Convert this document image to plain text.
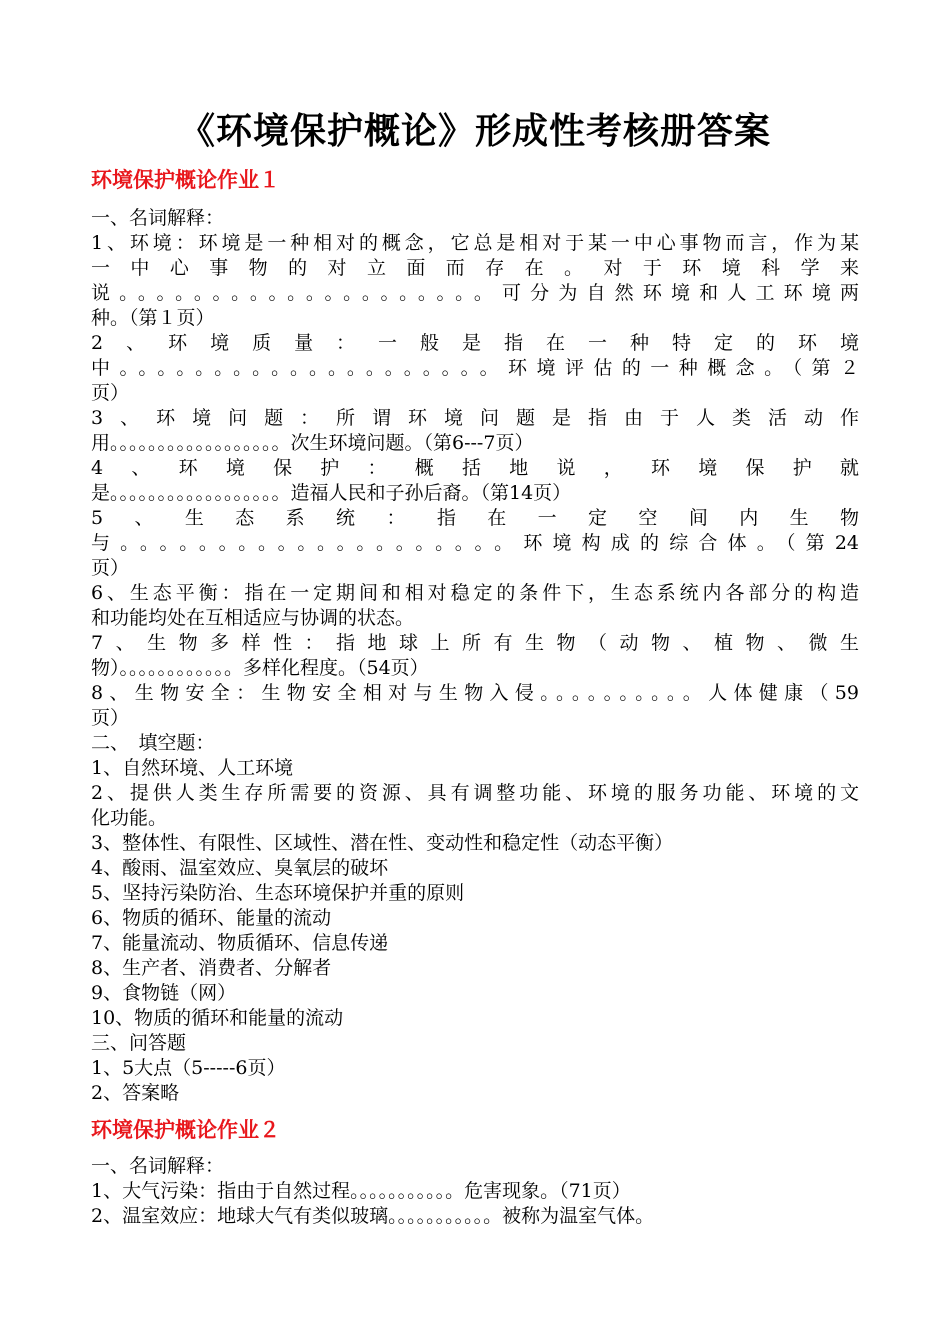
《环境保护概论》形成性考核册答案
环境保护概论作业１
一、名词解释：
1、环境：环境是一种相对的概念，它总是相对于某一中心事物而言，作为某
一中心事物的对立面而存在。对于环境科学来
说。。。。。。。。。。。。。。。。。。。。可分为自然环境和人工环境两
种。（第１页）
2、环境质量：一般是指在一种特定的环境
中。。。。。。。。。。。。。。。。。。。。环境评估的一种概念。（第２
页）
3、环境问题：所谓环境问题是指由于人类活动作
用。。。。。。。。。。。。。。。。。。次生环境问题。（第6---7页）
4、环境保护：概括地说，环境保护就
是。。。。。。。。。。。。。。。。。。造福人民和子孙后裔。（第14页）
5、生态系统：指在一定空间内生物
与。。。。。。。。。。。。。。。。。。。。环境构成的综合体。（第24
页）
6、生态平衡：指在一定期间和相对稳定的条件下，生态系统内各部分的构造
和功能均处在互相适应与协调的状态。
7、生物多样性：指地球上所有生物（动物、植物、微生
物）。。。。。。。。。。。。多样化程度。（54页）
8、生物安全：生物安全相对与生物入侵。。。。。。。。。。人体健康（59
页）
二、　填空题：
1、自然环境、人工环境
2、提供人类生存所需要的资源、具有调整功能、环境的服务功能、环境的文
化功能。
3、整体性、有限性、区域性、潜在性、变动性和稳定性（动态平衡）
4、酸雨、温室效应、臭氧层的破坏
5、坚持污染防治、生态环境保护并重的原则
6、物质的循环、能量的流动
7、能量流动、物质循环、信息传递
8、生产者、消费者、分解者
9、食物链（网）
10、物质的循环和能量的流动
三、问答题
1、5大点（5-----6页）
2、答案略
环境保护概论作业２
一、名词解释：
1、大气污染：指由于自然过程。。。。。。。。。。。危害现象。（71页）
2、温室效应：地球大气有类似玻璃。。。。。。。。。。。被称为温室气体。
